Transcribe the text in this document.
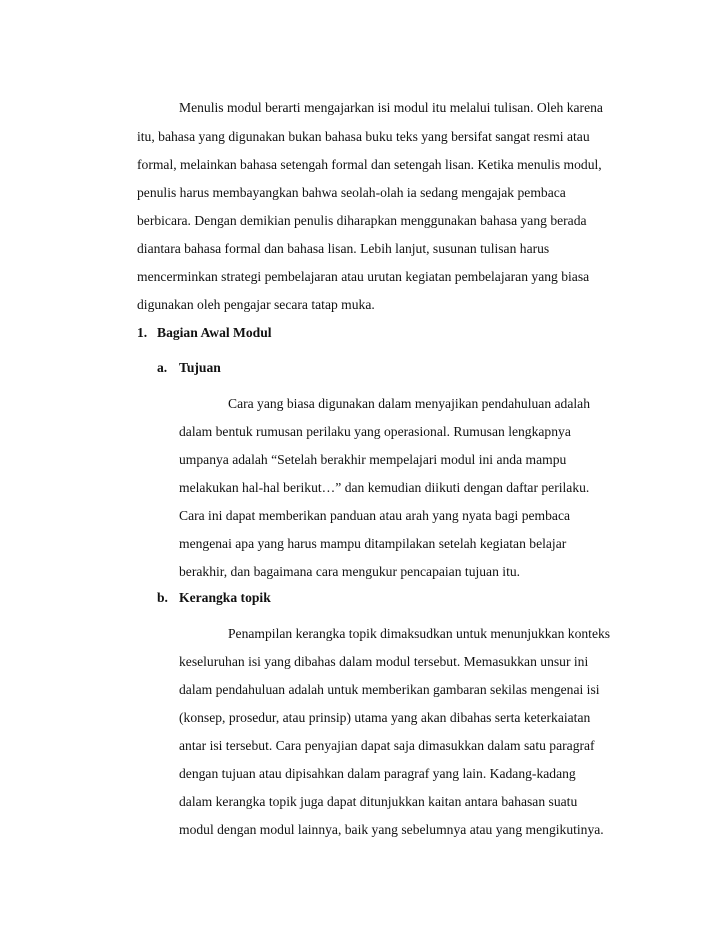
Menulis modul berarti mengajarkan isi modul itu melalui tulisan. Oleh karena
itu, bahasa yang digunakan bukan bahasa buku teks yang bersifat sangat resmi atau
formal, melainkan bahasa setengah formal dan setengah lisan. Ketika menulis modul,
penulis harus membayangkan bahwa seolah-olah ia sedang mengajak pembaca
berbicara. Dengan demikian penulis diharapkan menggunakan bahasa yang berada
diantara bahasa formal dan bahasa lisan. Lebih lanjut, susunan tulisan harus
mencerminkan strategi pembelajaran atau urutan kegiatan pembelajaran yang biasa
digunakan oleh pengajar secara tatap muka.
1. Bagian Awal Modul
a. Tujuan
Cara yang biasa digunakan dalam menyajikan pendahuluan adalah
dalam bentuk rumusan perilaku yang operasional. Rumusan lengkapnya
umpanya adalah “Setelah berakhir mempelajari modul ini anda mampu
melakukan hal-hal berikut…” dan kemudian diikuti dengan daftar perilaku.
Cara ini dapat memberikan panduan atau arah yang nyata bagi pembaca
mengenai apa yang harus mampu ditampilakan setelah kegiatan belajar
berakhir, dan bagaimana cara mengukur pencapaian tujuan itu.
b. Kerangka topik
Penampilan kerangka topik dimaksudkan untuk menunjukkan konteks
keseluruhan isi yang dibahas dalam modul tersebut. Memasukkan unsur ini
dalam pendahuluan adalah untuk memberikan gambaran sekilas mengenai isi
(konsep, prosedur, atau prinsip) utama yang akan dibahas serta keterkaiatan
antar isi tersebut. Cara penyajian dapat saja dimasukkan dalam satu paragraf
dengan tujuan atau dipisahkan dalam paragraf yang lain. Kadang-kadang
dalam kerangka topik juga dapat ditunjukkan kaitan antara bahasan suatu
modul dengan modul lainnya, baik yang sebelumnya atau yang mengikutinya.
